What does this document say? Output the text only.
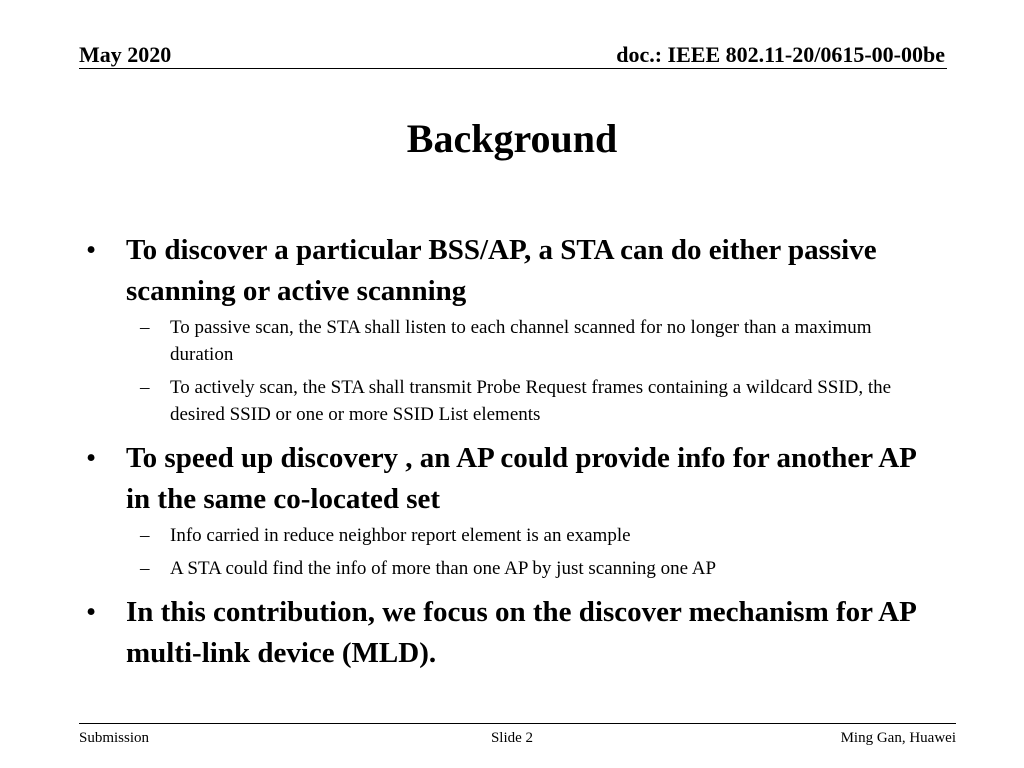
May 2020	doc.: IEEE 802.11-20/0615-00-00be
Background
• To discover a particular BSS/AP, a STA can do either passive scanning or active scanning
– To passive scan, the STA shall listen to each channel scanned for no longer than a maximum duration
– To actively scan, the STA shall transmit Probe Request frames containing a wildcard SSID, the desired SSID or one or more SSID List elements
• To speed up discovery , an AP could provide info for another AP in the same co-located set
– Info carried in reduce neighbor report element is an example
– A STA could find the info of more than one AP by just scanning one AP
• In this contribution, we focus on the discover mechanism for AP multi-link device (MLD).
Submission	Slide 2	Ming Gan, Huawei
